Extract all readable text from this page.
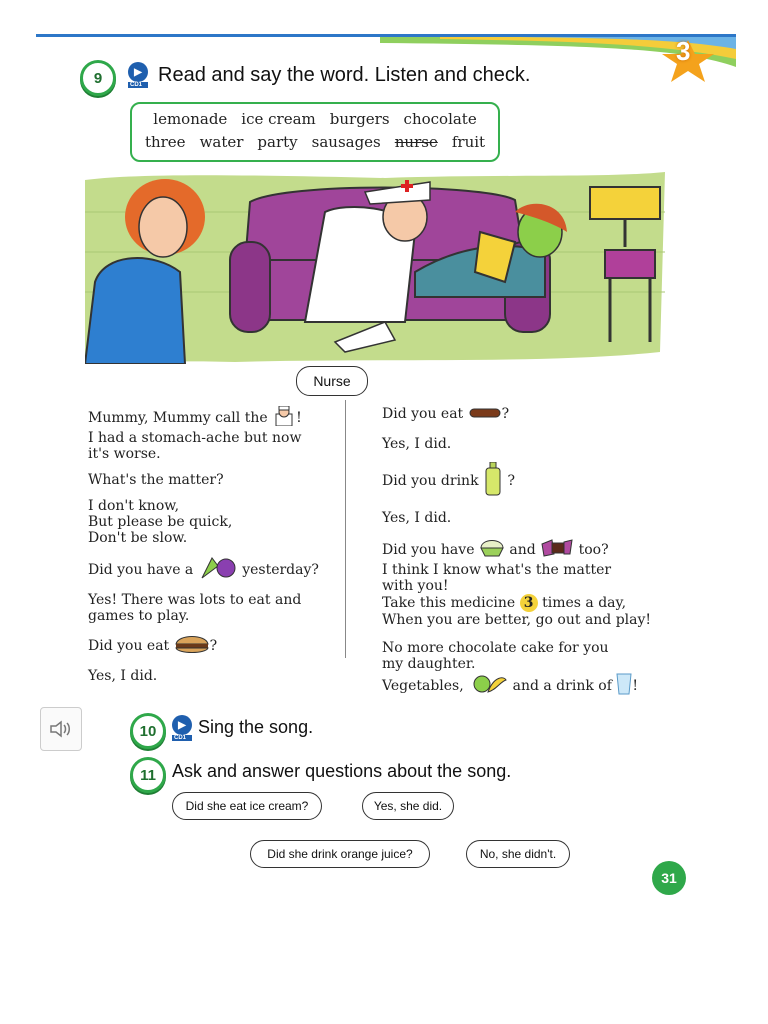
3
9	▶
CD1 Read and say the word. Listen and check.
lemonade ice cream burgers chocolate
three water party sausages nurse fruit
Nurse
Mummy, Mummy call the !
I had a stomach-ache but now
it's worse.
What's the matter?
I don't know,
But please be quick,
Don't be slow.
Did you have a	yesterday?
Yes! There was lots to eat and
games to play.
Did you eat	?
Yes, I did.
Did you eat	?
Yes, I did.
Did you drink ?
Yes, I did.
Did you have and	too?
I think I know what's the matter
with you!
Take this medicine 3 times a day,
When you are better, go out and play!
No more chocolate cake for you
my daughter.
Vegetables,	and a drink of !
10	▶
CD1
Sing the song.
11 Ask and answer questions about the song.
Did she eat ice cream?	Yes, she did.
Did she drink orange juice?	No, she didn't.
31
